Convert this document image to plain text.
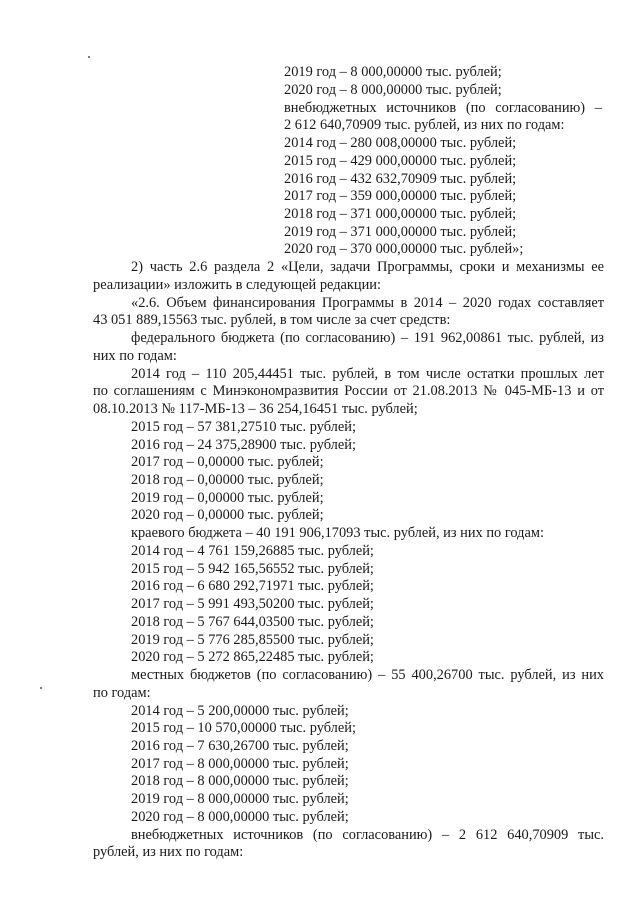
2019 год – 8 000,00000 тыс. рублей;
2020 год – 8 000,00000 тыс. рублей;
внебюджетных источников (по согласованию) –
2 612 640,70909 тыс. рублей, из них по годам:
2014 год – 280 008,00000 тыс. рублей;
2015 год – 429 000,00000 тыс. рублей;
2016 год – 432 632,70909 тыс. рублей;
2017 год – 359 000,00000 тыс. рублей;
2018 год – 371 000,00000 тыс. рублей;
2019 год – 371 000,00000 тыс. рублей;
2020 год – 370 000,00000 тыс. рублей»;
2) часть 2.6 раздела 2 «Цели, задачи Программы, сроки и механизмы ее
реализации» изложить в следующей редакции:
«2.6. Объем финансирования Программы в 2014 – 2020 годах составляет
43 051 889,15563 тыс. рублей, в том числе за счет средств:
федерального бюджета (по согласованию) – 191 962,00861 тыс. рублей, из
них по годам:
2014 год – 110 205,44451 тыс. рублей, в том числе остатки прошлых лет
по соглашениям с Минэкономразвития России от 21.08.2013 № 045-МБ-13 и от
08.10.2013 № 117-МБ-13 – 36 254,16451 тыс. рублей;
2015 год – 57 381,27510 тыс. рублей;
2016 год – 24 375,28900 тыс. рублей;
2017 год – 0,00000 тыс. рублей;
2018 год – 0,00000 тыс. рублей;
2019 год – 0,00000 тыс. рублей;
2020 год – 0,00000 тыс. рублей;
краевого бюджета – 40 191 906,17093 тыс. рублей, из них по годам:
2014 год – 4 761 159,26885 тыс. рублей;
2015 год – 5 942 165,56552 тыс. рублей;
2016 год – 6 680 292,71971 тыс. рублей;
2017 год – 5 991 493,50200 тыс. рублей;
2018 год – 5 767 644,03500 тыс. рублей;
2019 год – 5 776 285,85500 тыс. рублей;
2020 год – 5 272 865,22485 тыс. рублей;
местных бюджетов (по согласованию) – 55 400,26700 тыс. рублей, из них
по годам:
2014 год – 5 200,00000 тыс. рублей;
2015 год – 10 570,00000 тыс. рублей;
2016 год – 7 630,26700 тыс. рублей;
2017 год – 8 000,00000 тыс. рублей;
2018 год – 8 000,00000 тыс. рублей;
2019 год – 8 000,00000 тыс. рублей;
2020 год – 8 000,00000 тыс. рублей;
внебюджетных источников (по согласованию) – 2 612 640,70909 тыс.
рублей, из них по годам:
